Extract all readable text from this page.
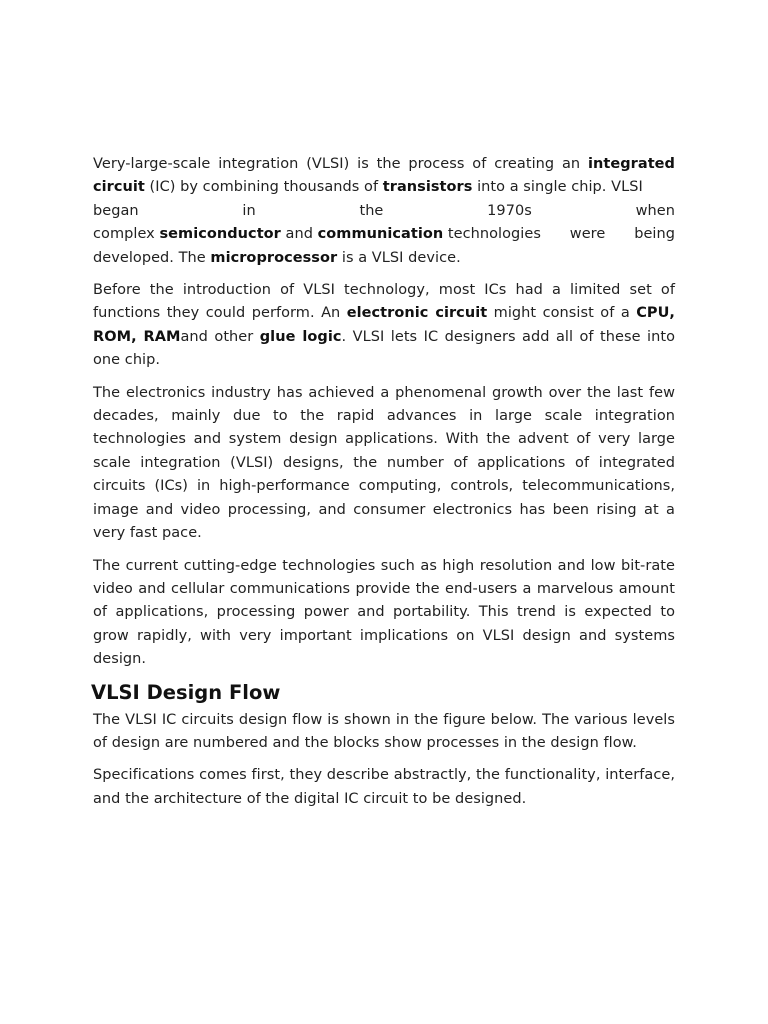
Very-large-scale integration (VLSI) is the process of creating an integrated circuit (IC) by combining thousands of transistors into a single chip. VLSI

began	in	the	1970s	when

complex semiconductor and communication technologies were being

developed. The microprocessor is a VLSI device.

Before the introduction of VLSI technology, most ICs had a limited set of functions they could perform. An electronic circuit might consist of a CPU, ROM, RAMand other glue logic. VLSI lets IC designers add all of these into one chip.

The electronics industry has achieved a phenomenal growth over the last few decades, mainly due to the rapid advances in large scale integration technologies and system design applications. With the advent of very large scale integration (VLSI) designs, the number of applications of integrated circuits (ICs) in high-performance computing, controls, telecommunications, image and video processing, and consumer electronics has been rising at a very fast pace.

The current cutting-edge technologies such as high resolution and low bit-rate video and cellular communications provide the end-users a marvelous amount of applications, processing power and portability. This trend is expected to grow rapidly, with very important implications on VLSI design and systems design.

VLSI Design Flow

The VLSI IC circuits design flow is shown in the figure below. The various levels of design are numbered and the blocks show processes in the design flow.

Specifications comes first, they describe abstractly, the functionality, interface, and the architecture of the digital IC circuit to be designed.
